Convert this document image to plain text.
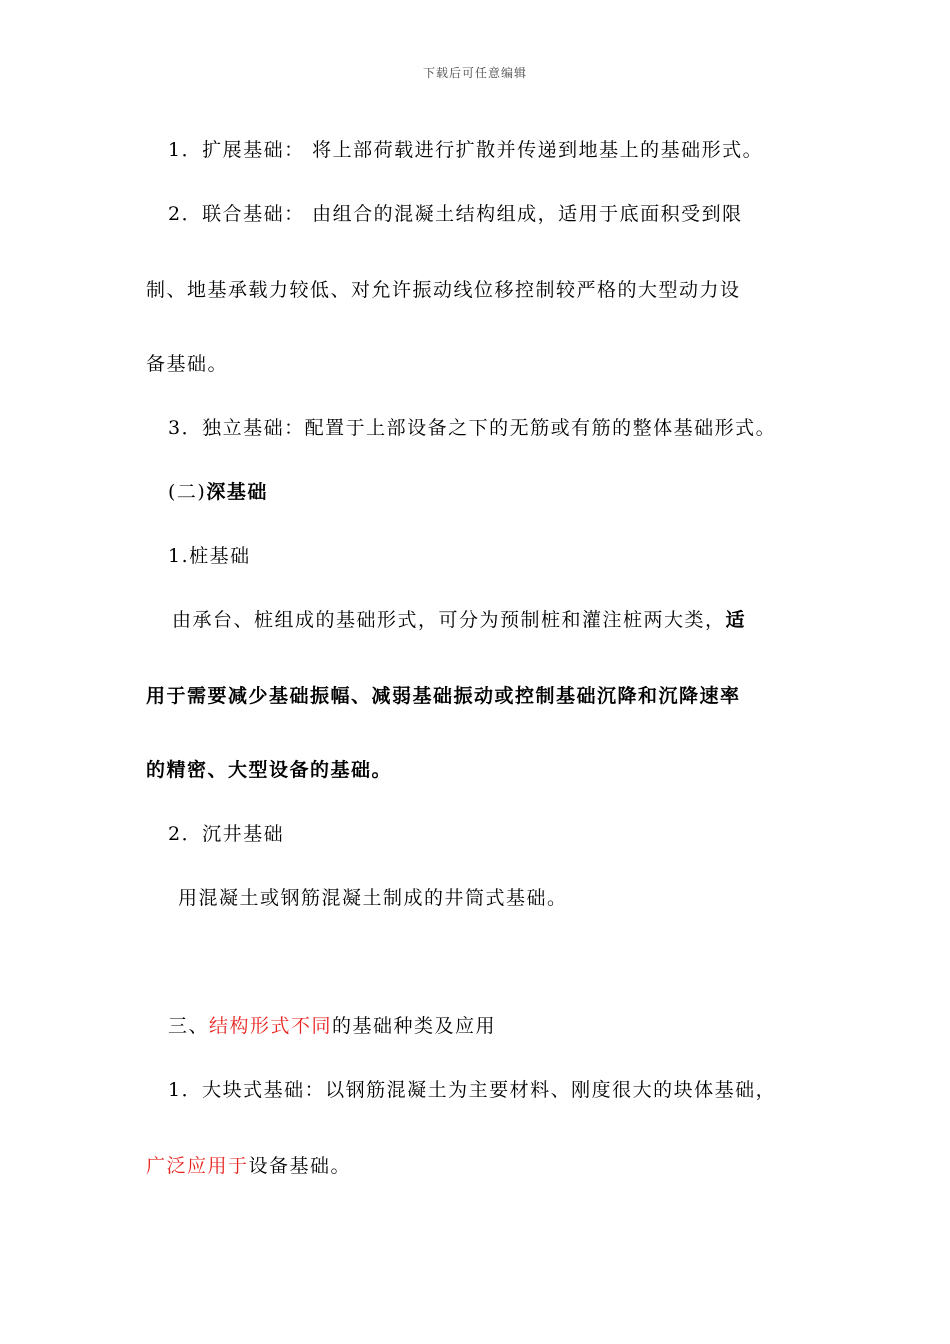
下载后可任意编辑
1．扩展基础： 将上部荷载进行扩散并传递到地基上的基础形式。
2．联合基础： 由组合的混凝土结构组成，适用于底面积受到限
制、地基承载力较低、对允许振动线位移控制较严格的大型动力设
备基础。
3．独立基础：配置于上部设备之下的无筋或有筋的整体基础形式。
(二)深基础
1.桩基础
由承台、桩组成的基础形式，可分为预制桩和灌注桩两大类，适
用于需要减少基础振幅、减弱基础振动或控制基础沉降和沉降速率
的精密、大型设备的基础。
2．沉井基础
用混凝土或钢筋混凝土制成的井筒式基础。
三、结构形式不同的基础种类及应用
1．大块式基础：以钢筋混凝土为主要材料、刚度很大的块体基础，
广泛应用于设备基础。
